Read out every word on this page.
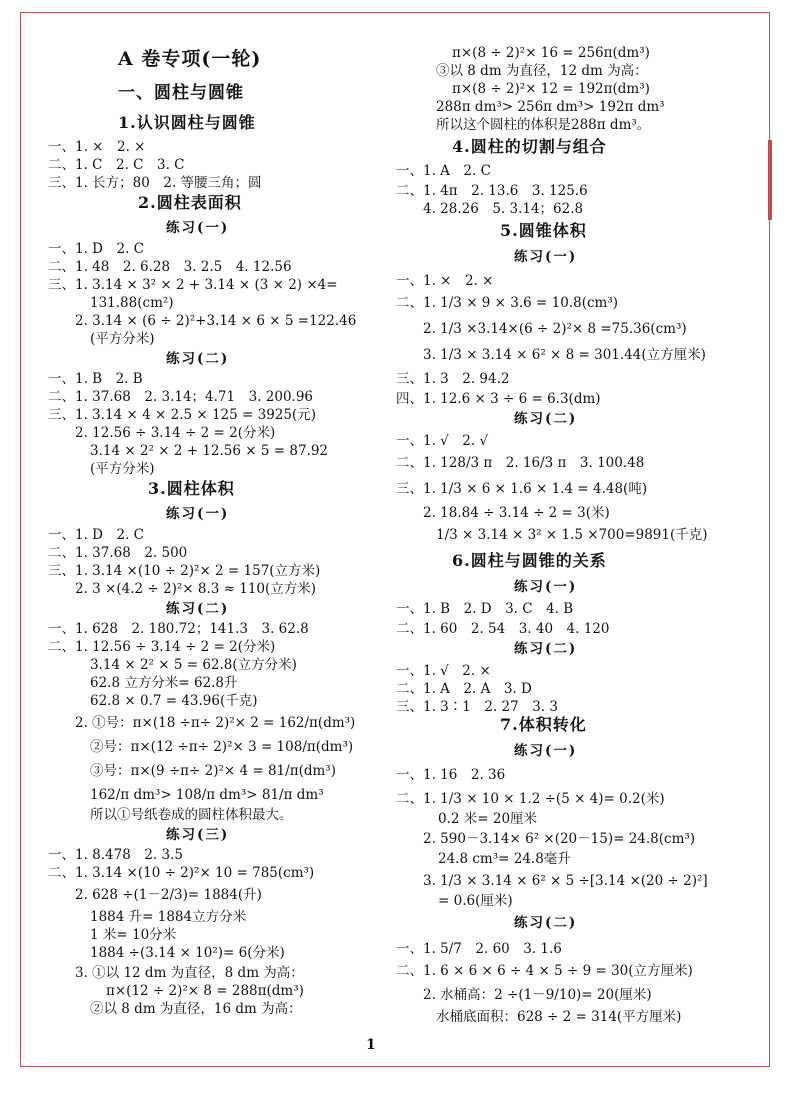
A 卷专项(一轮)
一、圆柱与圆锥
1.认识圆柱与圆锥
一、1. ×　2. ×
二、1. C　2. C　3. C
三、1. 长方；80　2. 等腰三角；圆
2.圆柱表面积
练习(一)
一、1. D　2. C
二、1. 48　2. 6.28　3. 2.5　4. 12.56
三、1. 3.14 × 3² × 2 + 3.14 × (3 × 2) ×4=
131.88(cm²)
2. 3.14 × (6 ÷ 2)²+3.14 × 6 × 5 =122.46
(平方分米)
练习(二)
一、1. B　2. B
二、1. 37.68　2. 3.14；4.71　3. 200.96
三、1. 3.14 × 4 × 2.5 × 125 = 3925(元)
2. 12.56 ÷ 3.14 ÷ 2 = 2(分米)
3.14 × 2² × 2 + 12.56 × 5 = 87.92
(平方分米)
3.圆柱体积
练习(一)
一、1. D　2. C
二、1. 37.68　2. 500
三、1. 3.14 ×(10 ÷ 2)²× 2 = 157(立方米)
2. 3 ×(4.2 ÷ 2)²× 8.3 ≈ 110(立方米)
练习(二)
一、1. 628　2. 180.72；141.3　3. 62.8
二、1. 12.56 ÷ 3.14 ÷ 2 = 2(分米)
3.14 × 2² × 5 = 62.8(立方分米)
62.8 立方分米= 62.8升
62.8 × 0.7 = 43.96(千克)
2. ①号：π×(18 ÷π÷ 2)²× 2 = 162/π(dm³)
②号：π×(12 ÷π÷ 2)²× 3 = 108/π(dm³)
③号：π×(9 ÷π÷ 2)²× 4 = 81/π(dm³)
162/π dm³> 108/π dm³> 81/π dm³
所以①号纸卷成的圆柱体积最大。
练习(三)
一、1. 8.478　2. 3.5
二、1. 3.14 ×(10 ÷ 2)²× 10 = 785(cm³)
2. 628 ÷(1－2/3)= 1884(升)
1884 升= 1884立方分米
1 米= 10分米
1884 ÷(3.14 × 10²)= 6(分米)
3. ①以 12 dm 为直径，8 dm 为高：
π×(12 ÷ 2)²× 8 = 288π(dm³)
②以 8 dm 为直径，16 dm 为高：
π×(8 ÷ 2)²× 16 = 256π(dm³)
③以 8 dm 为直径，12 dm 为高：
π×(8 ÷ 2)²× 12 = 192π(dm³)
288π dm³> 256π dm³> 192π dm³
所以这个圆柱的体积是288π dm³。
4.圆柱的切割与组合
一、1. A　2. C
二、1. 4π　2. 13.6　3. 125.6
4. 28.26　5. 3.14；62.8
5.圆锥体积
练习(一)
一、1. ×　2. ×
二、1. 1/3 × 9 × 3.6 = 10.8(cm³)
2. 1/3 ×3.14×(6 ÷ 2)²× 8 =75.36(cm³)
3. 1/3 × 3.14 × 6² × 8 = 301.44(立方厘米)
三、1. 3　2. 94.2
四、1. 12.6 × 3 ÷ 6 = 6.3(dm)
练习(二)
一、1. √　2. √
二、1. 128/3 π　2. 16/3 π　3. 100.48
三、1. 1/3 × 6 × 1.6 × 1.4 = 4.48(吨)
2. 18.84 ÷ 3.14 ÷ 2 = 3(米)
1/3 × 3.14 × 3² × 1.5 ×700=9891(千克)
6.圆柱与圆锥的关系
练习(一)
一、1. B　2. D　3. C　4. B
二、1. 60　2. 54　3. 40　4. 120
练习(二)
一、1. √　2. ×
二、1. A　2. A　3. D
三、1. 3∶1　2. 27　3. 3
7.体积转化
练习(一)
一、1. 16　2. 36
二、1. 1/3 × 10 × 1.2 ÷(5 × 4)= 0.2(米)
0.2 米= 20厘米
2. 590－3.14× 6² ×(20－15)= 24.8(cm³)
24.8 cm³= 24.8毫升
3. 1/3 × 3.14 × 6² × 5 ÷[3.14 ×(20 ÷ 2)²]
= 0.6(厘米)
练习(二)
一、1. 5/7　2. 60　3. 1.6
二、1. 6 × 6 × 6 ÷ 4 × 5 ÷ 9 = 30(立方厘米)
2. 水桶高：2 ÷(1－9/10)= 20(厘米)
水桶底面积：628 ÷ 2 = 314(平方厘米)
1
